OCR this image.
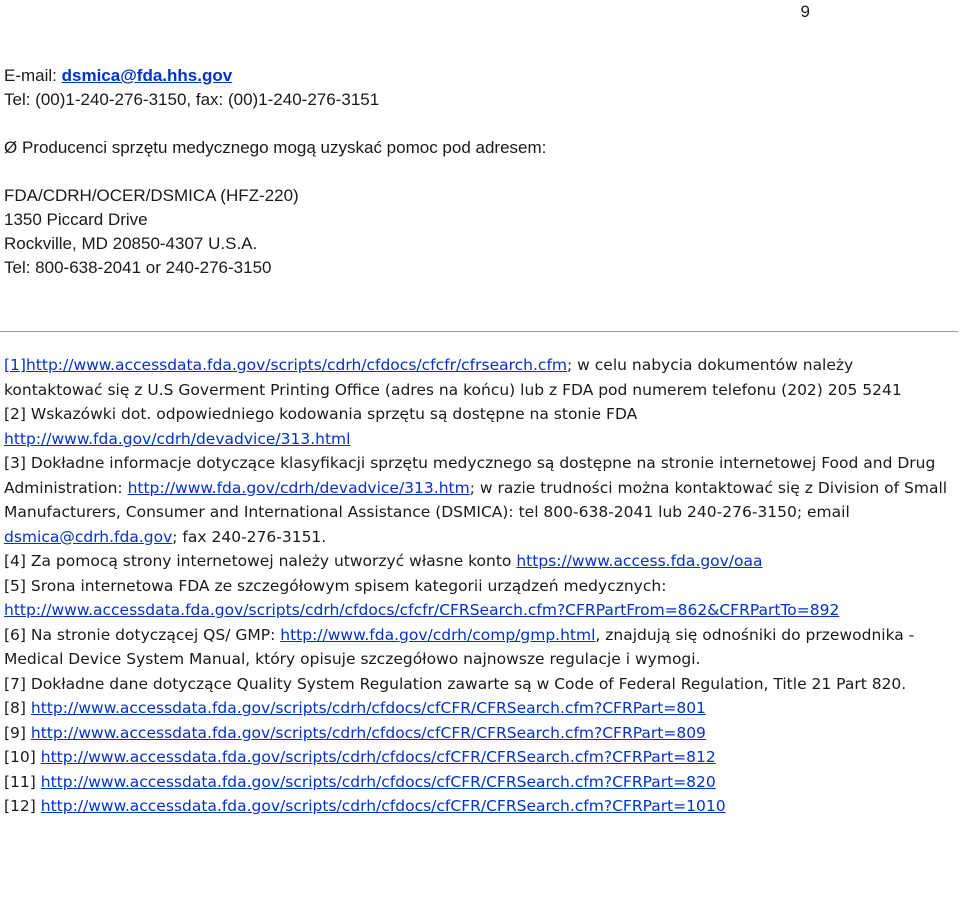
9
E-mail: dsmica@fda.hhs.gov
Tel: (00)1-240-276-3150, fax: (00)1-240-276-3151
Ø Producenci sprzętu medycznego mogą uzyskać pomoc pod adresem:
FDA/CDRH/OCER/DSMICA (HFZ-220)
1350 Piccard Drive
Rockville, MD 20850-4307 U.S.A.
Tel: 800-638-2041 or 240-276-3150

[1]http://www.accessdata.fda.gov/scripts/cdrh/cfdocs/cfcfr/cfrsearch.cfm; w celu nabycia dokumentów należy kontaktować się z U.S Goverment Printing Office (adres na końcu) lub z FDA pod numerem telefonu (202) 205 5241

[2] Wskazówki dot. odpowiedniego kodowania sprzętu są dostępne na stonie FDA http://www.fda.gov/cdrh/devadvice/313.html

[3] Dokładne informacje dotyczące klasyfikacji sprzętu medycznego są dostępne na stronie internetowej Food and Drug Administration: http://www.fda.gov/cdrh/devadvice/313.htm; w razie trudności można kontaktować się z Division of Small Manufacturers, Consumer and International Assistance (DSMICA): tel 800-638-2041 lub 240-276-3150; email dsmica@cdrh.fda.gov; fax 240-276-3151.

[4] Za pomocą strony internetowej należy utworzyć własne konto https://www.access.fda.gov/oaa

[5] Srona internetowa FDA ze szczegółowym spisem kategorii urządzeń medycznych: http://www.accessdata.fda.gov/scripts/cdrh/cfdocs/cfcfr/CFRSearch.cfm?CFRPartFrom=862&CFRPartTo=892

[6] Na stronie dotyczącej QS/ GMP: http://www.fda.gov/cdrh/comp/gmp.html, znajdują się odnośniki do przewodnika - Medical Device System Manual, który opisuje szczegółowo najnowsze regulacje i wymogi.

[7] Dokładne dane dotyczące Quality System Regulation zawarte są w Code of Federal Regulation, Title 21 Part 820.

[8] http://www.accessdata.fda.gov/scripts/cdrh/cfdocs/cfCFR/CFRSearch.cfm?CFRPart=801

[9] http://www.accessdata.fda.gov/scripts/cdrh/cfdocs/cfCFR/CFRSearch.cfm?CFRPart=809

[10] http://www.accessdata.fda.gov/scripts/cdrh/cfdocs/cfCFR/CFRSearch.cfm?CFRPart=812

[11] http://www.accessdata.fda.gov/scripts/cdrh/cfdocs/cfCFR/CFRSearch.cfm?CFRPart=820

[12] http://www.accessdata.fda.gov/scripts/cdrh/cfdocs/cfCFR/CFRSearch.cfm?CFRPart=1010
